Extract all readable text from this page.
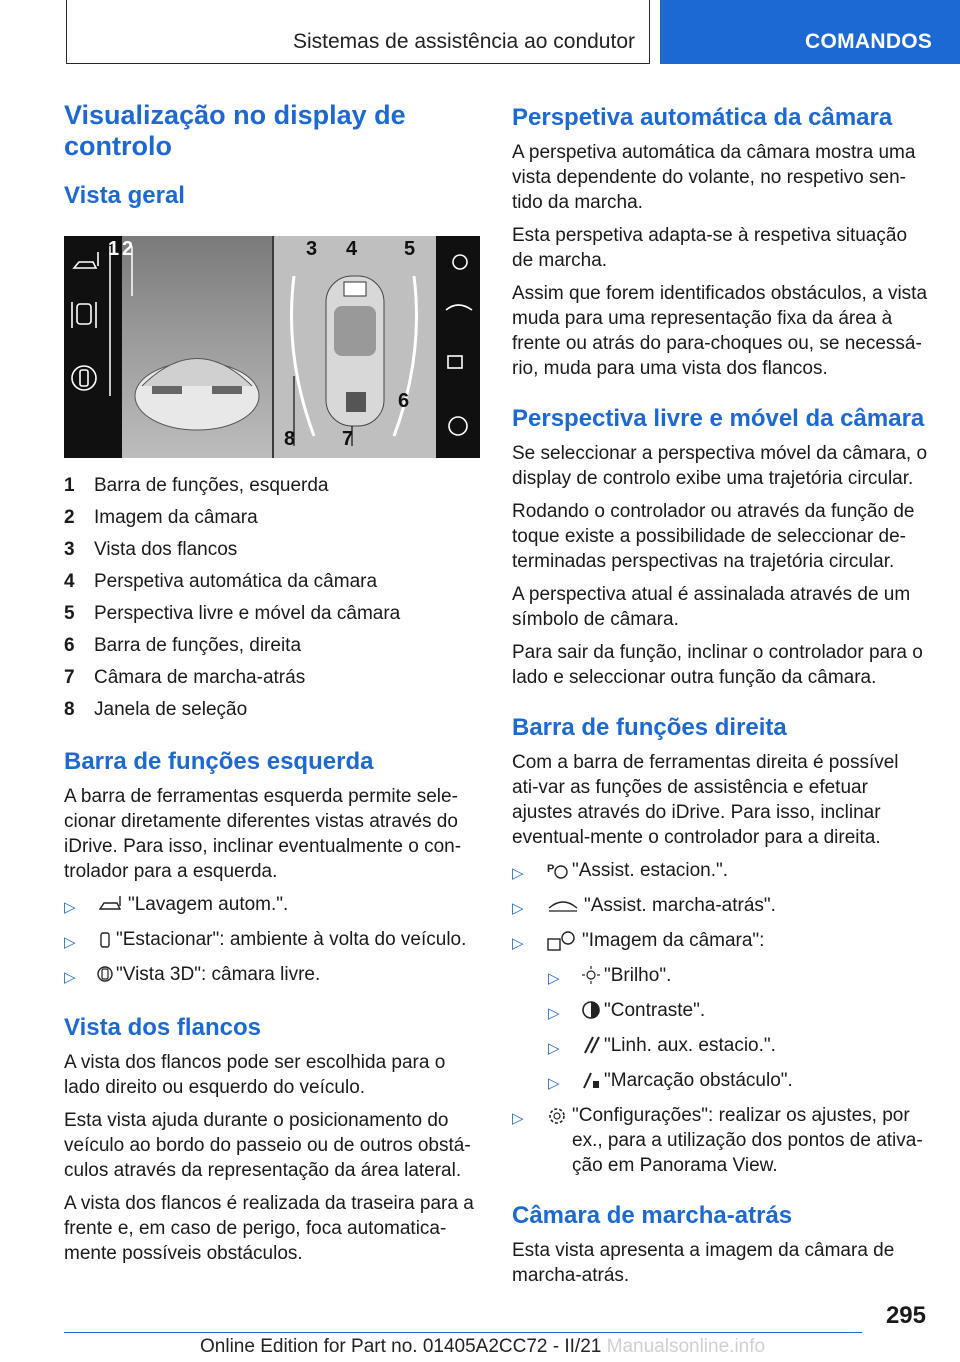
Sistemas de assistência ao condutor	COMANDOS
Visualização no display de controlo
Vista geral
1 2	3 4 5
6
7
8
1	Barra de funções, esquerda
2	Imagem da câmara
3	Vista dos flancos
4	Perspetiva automática da câmara
5	Perspectiva livre e móvel da câmara
6	Barra de funções, direita
7	Câmara de marcha-atrás
8	Janela de seleção
Barra de funções esquerda

A barra de ferramentas esquerda permite sele-cionar diretamente diferentes vistas através do iDrive. Para isso, inclinar eventualmente o con-trolador para a esquerda.

▷	"Lavagem autom.".
▷	"Estacionar": ambiente à volta do veículo.
▷	"Vista 3D": câmara livre.
Vista dos flancos

A vista dos flancos pode ser escolhida para o lado direito ou esquerdo do veículo.

Esta vista ajuda durante o posicionamento do veículo ao bordo do passeio ou de outros obstá-culos através da representação da área lateral.

A vista dos flancos é realizada da traseira para a frente e, em caso de perigo, foca automatica-mente possíveis obstáculos.

Perspetiva automática da câmara

A perspetiva automática da câmara mostra uma vista dependente do volante, no respetivo sen-tido da marcha.

Esta perspetiva adapta-se à respetiva situação de marcha.

Assim que forem identificados obstáculos, a vista muda para uma representação fixa da área à frente ou atrás do para-choques ou, se necessá-rio, muda para uma vista dos flancos.

Perspectiva livre e móvel da câmara

Se seleccionar a perspectiva móvel da câmara, o display de controlo exibe uma trajetória circular.

Rodando o controlador ou através da função de toque existe a possibilidade de seleccionar de-terminadas perspectivas na trajetória circular.

A perspectiva atual é assinalada através de um símbolo de câmara.

Para sair da função, inclinar o controlador para o lado e seleccionar outra função da câmara.

Barra de funções direita

Com a barra de ferramentas direita é possível ati-var as funções de assistência e efetuar ajustes através do iDrive. Para isso, inclinar eventual-mente o controlador para a direita.

▷	P "Assist. estacion.".
▷	"Assist. marcha-atrás".
▷	"Imagem da câmara":
▷	"Brilho".
▷	"Contraste".
▷	"Linh. aux. estacio.".
▷	"Marcação obstáculo".
▷	"Configurações": realizar os ajustes, por ex., para a utilização dos pontos de ativa-ção em Panorama View.
Câmara de marcha-atrás

Esta vista apresenta a imagem da câmara de marcha-atrás.

295
Online Edition for Part no. 01405A2CC72 - II/21 Manualsonline.info
